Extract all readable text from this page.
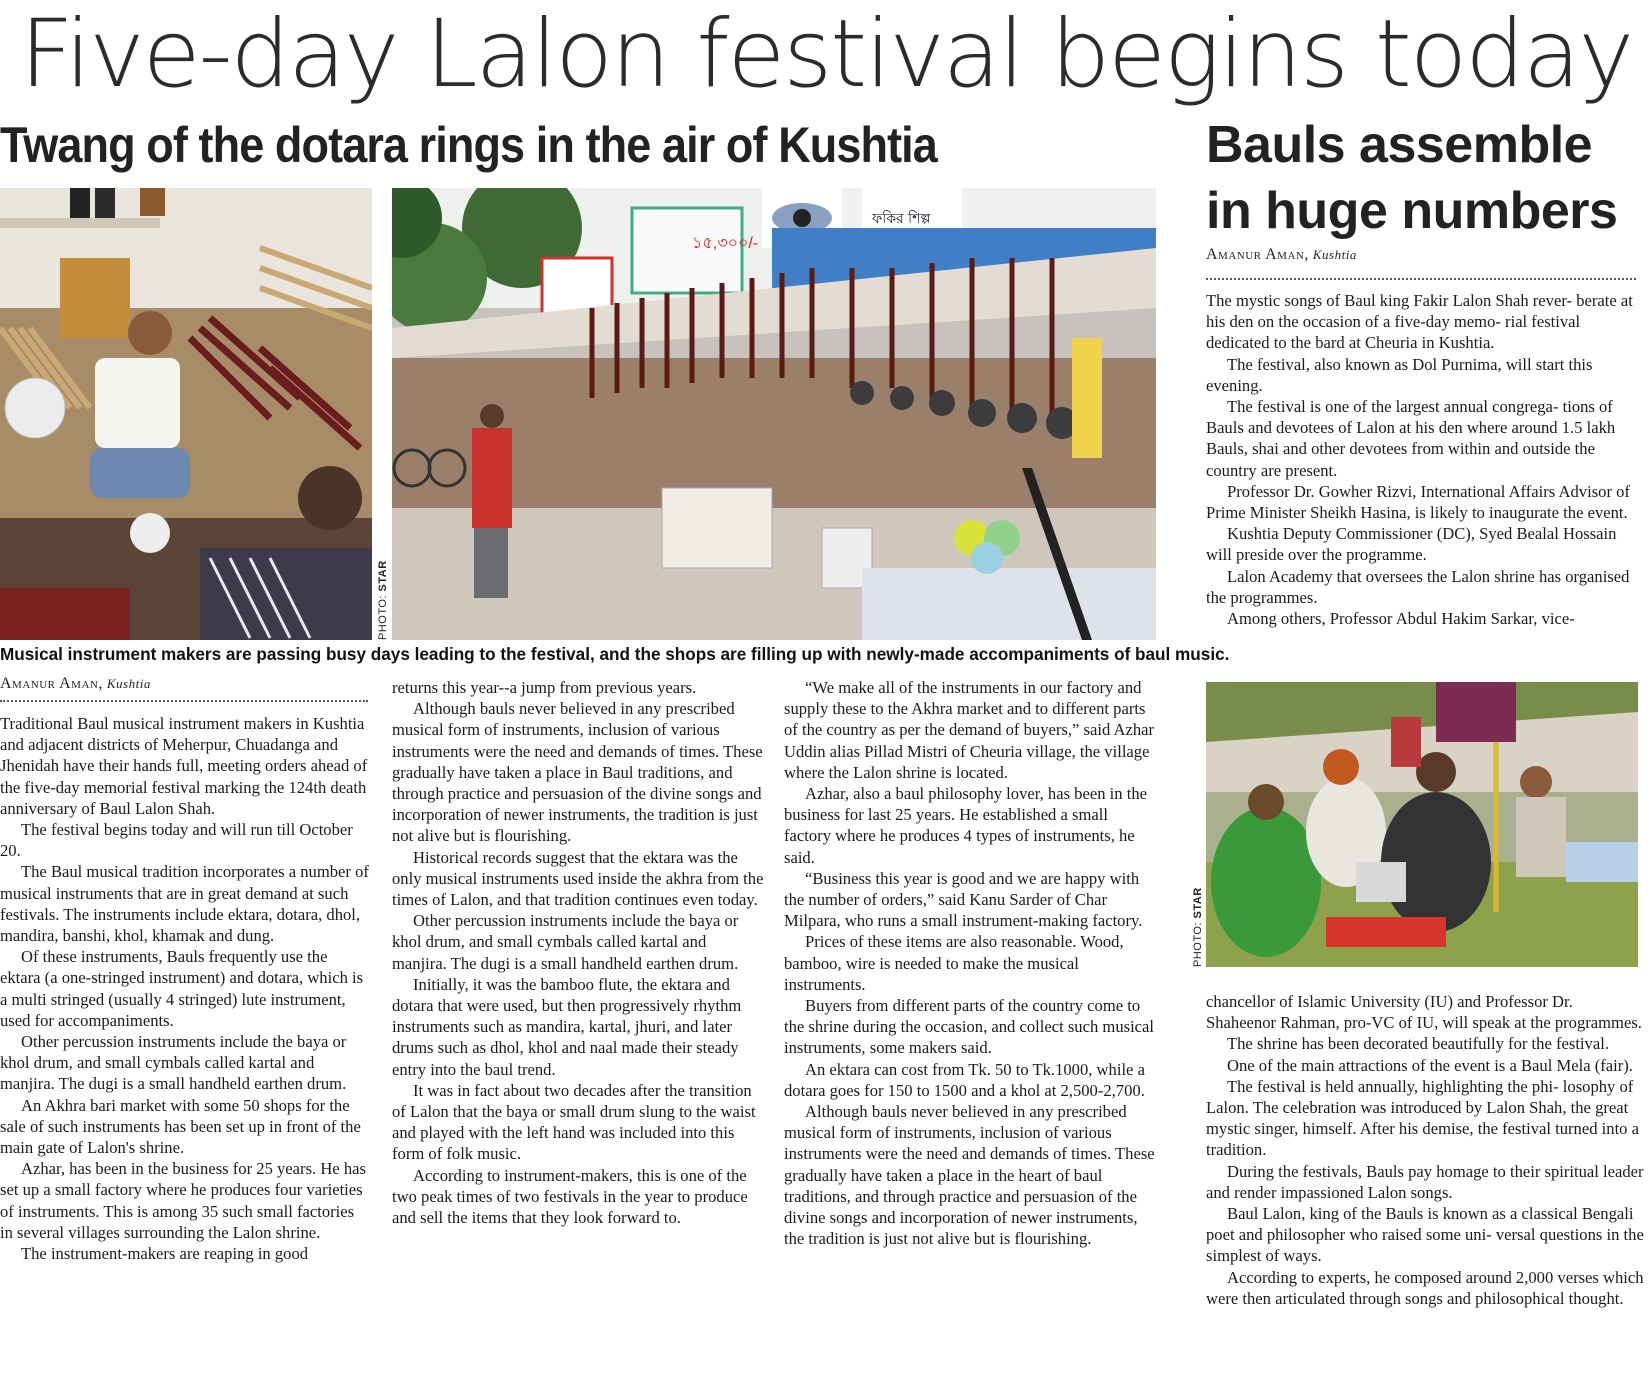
Five-day Lalon festival begins today
Twang of the dotara rings in the air of Kushtia	Bauls assemble in huge numbers
PHOTO: STAR
১৫,৩০০/-
ফকির শিল্প
Musical instrument makers are passing busy days leading to the festival, and the shops are filling up with newly-made accompaniments of baul music.
Amanur Aman, Kushtia

Traditional Baul musical instrument makers in Kushtia and adjacent districts of Meherpur, Chuadanga and Jhenidah have their hands full, meeting orders ahead of the five-day memorial festival marking the 124th death anniversary of Baul Lalon Shah.

The festival begins today and will run till October 20.

The Baul musical tradition incorporates a number of musical instruments that are in great demand at such festivals. The instruments include ektara, dotara, dhol, mandira, banshi, khol, khamak and dung.

Of these instruments, Bauls frequently use the ektara (a one-stringed instrument) and dotara, which is a multi stringed (usually 4 stringed) lute instrument, used for accompaniments.

Other percussion instruments include the baya or khol drum, and small cymbals called kartal and manjira. The dugi is a small handheld earthen drum.

An Akhra bari market with some 50 shops for the sale of such instruments has been set up in front of the main gate of Lalon's shrine.

Azhar, has been in the business for 25 years. He has set up a small factory where he produces four varieties of instruments. This is among 35 such small factories in several villages surrounding the Lalon shrine.

The instrument-makers are reaping in good

returns this year--a jump from previous years.

Although bauls never believed in any prescribed musical form of instruments, inclusion of various instruments were the need and demands of times. These gradually have taken a place in Baul traditions, and through practice and persuasion of the divine songs and incorporation of newer instruments, the tradition is just not alive but is flourishing.

Historical records suggest that the ektara was the only musical instruments used inside the akhra from the times of Lalon, and that tradition continues even today.

Other percussion instruments include the baya or khol drum, and small cymbals called kartal and manjira. The dugi is a small handheld earthen drum.

Initially, it was the bamboo flute, the ektara and dotara that were used, but then progressively rhythm instruments such as mandira, kartal, jhuri, and later drums such as dhol, khol and naal made their steady entry into the baul trend.

It was in fact about two decades after the transition of Lalon that the baya or small drum slung to the waist and played with the left hand was included into this form of folk music.

According to instrument-makers, this is one of the two peak times of two festivals in the year to produce and sell the items that they look forward to.

“We make all of the instruments in our factory and supply these to the Akhra market and to different parts of the country as per the demand of buyers,” said Azhar Uddin alias Pillad Mistri of Cheuria village, the village where the Lalon shrine is located.

Azhar, also a baul philosophy lover, has been in the business for last 25 years. He established a small factory where he produces 4 types of instruments, he said.

“Business this year is good and we are happy with the number of orders,” said Kanu Sarder of Char Milpara, who runs a small instrument-making factory.

Prices of these items are also reasonable. Wood, bamboo, wire is needed to make the musical instruments.

Buyers from different parts of the country come to the shrine during the occasion, and collect such musical instruments, some makers said.

An ektara can cost from Tk. 50 to Tk.1000, while a dotara goes for 150 to 1500 and a khol at 2,500-2,700.

Although bauls never believed in any prescribed musical form of instruments, inclusion of various instruments were the need and demands of times. These gradually have taken a place in the heart of baul traditions, and through practice and persuasion of the divine songs and incorporation of newer instruments, the tradition is just not alive but is flourishing.

Amanur Aman, Kushtia

The mystic songs of Baul king Fakir Lalon Shah rever- berate at his den on the occasion of a five-day memo- rial festival dedicated to the bard at Cheuria in Kushtia.

The festival, also known as Dol Purnima, will start this evening.

The festival is one of the largest annual congrega- tions of Bauls and devotees of Lalon at his den where around 1.5 lakh Bauls, shai and other devotees from within and outside the country are present.

Professor Dr. Gowher Rizvi, International Affairs Advisor of Prime Minister Sheikh Hasina, is likely to inaugurate the event.

Kushtia Deputy Commissioner (DC), Syed Bealal Hossain will preside over the programme.

Lalon Academy that oversees the Lalon shrine has organised the programmes.

Among others, Professor Abdul Hakim Sarkar, vice-

PHOTO: STAR

chancellor of Islamic University (IU) and Professor Dr. Shaheenor Rahman, pro-VC of IU, will speak at the programmes.

The shrine has been decorated beautifully for the festival.

One of the main attractions of the event is a Baul Mela (fair).

The festival is held annually, highlighting the phi- losophy of Lalon. The celebration was introduced by Lalon Shah, the great mystic singer, himself. After his demise, the festival turned into a tradition.

During the festivals, Bauls pay homage to their spiritual leader and render impassioned Lalon songs.

Baul Lalon, king of the Bauls is known as a classical Bengali poet and philosopher who raised some uni- versal questions in the simplest of ways.

According to experts, he composed around 2,000 verses which were then articulated through songs and philosophical thought.
